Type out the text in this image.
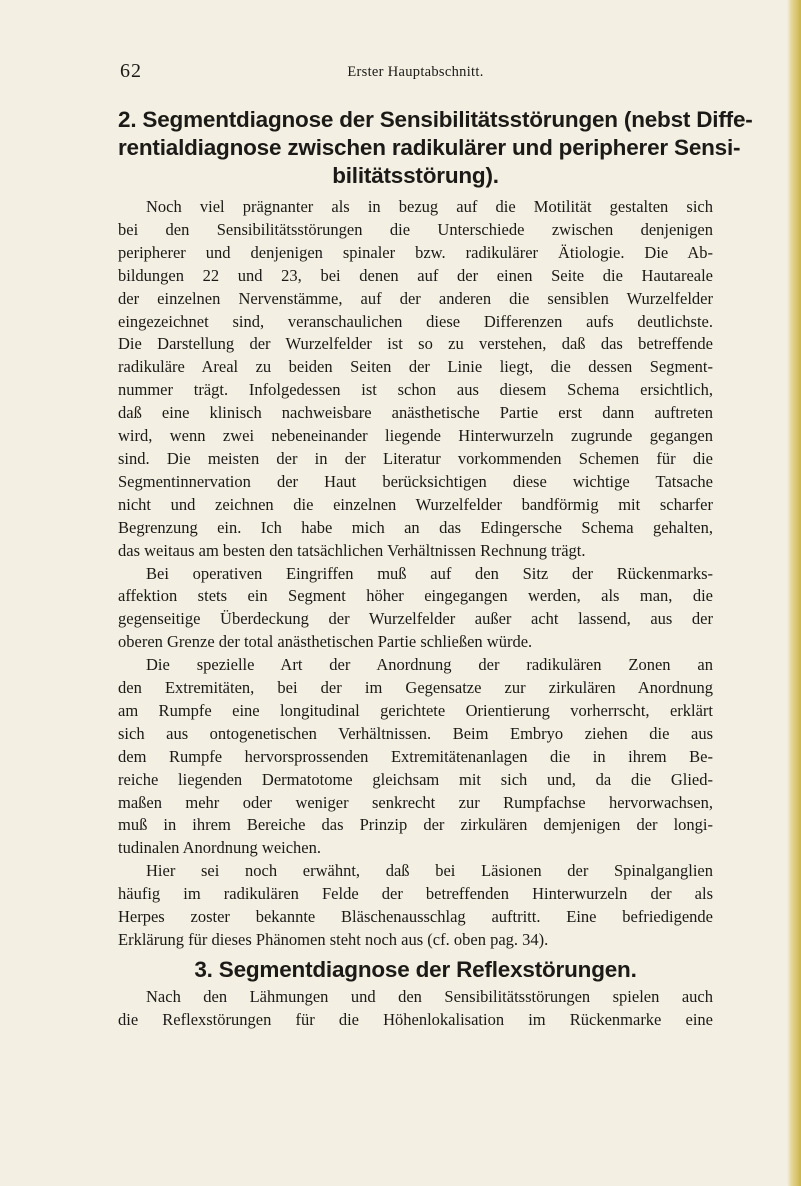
62	Erster Hauptabschnitt.
2. Segmentdiagnose der Sensibilitätsstörungen (nebst Diffe-
rentialdiagnose zwischen radikulärer und peripherer Sensi-
bilitätsstörung).
Noch viel prägnanter als in bezug auf die Motilität gestalten sich
bei den Sensibilitätsstörungen die Unterschiede zwischen denjenigen
peripherer und denjenigen spinaler bzw. radikulärer Ätiologie. Die Ab-
bildungen 22 und 23, bei denen auf der einen Seite die Hautareale
der einzelnen Nervenstämme, auf der anderen die sensiblen Wurzelfelder
eingezeichnet sind, veranschaulichen diese Differenzen aufs deutlichste.
Die Darstellung der Wurzelfelder ist so zu verstehen, daß das betreffende
radikuläre Areal zu beiden Seiten der Linie liegt, die dessen Segment-
nummer trägt. Infolgedessen ist schon aus diesem Schema ersichtlich,
daß eine klinisch nachweisbare anästhetische Partie erst dann auftreten
wird, wenn zwei nebeneinander liegende Hinterwurzeln zugrunde gegangen
sind. Die meisten der in der Literatur vorkommenden Schemen für die
Segmentinnervation der Haut berücksichtigen diese wichtige Tatsache
nicht und zeichnen die einzelnen Wurzelfelder bandförmig mit scharfer
Begrenzung ein. Ich habe mich an das Edingersche Schema gehalten,
das weitaus am besten den tatsächlichen Verhältnissen Rechnung trägt.
Bei operativen Eingriffen muß auf den Sitz der Rückenmarks-
affektion stets ein Segment höher eingegangen werden, als man, die
gegenseitige Überdeckung der Wurzelfelder außer acht lassend, aus der
oberen Grenze der total anästhetischen Partie schließen würde.
Die spezielle Art der Anordnung der radikulären Zonen an
den Extremitäten, bei der im Gegensatze zur zirkulären Anordnung
am Rumpfe eine longitudinal gerichtete Orientierung vorherrscht, erklärt
sich aus ontogenetischen Verhältnissen. Beim Embryo ziehen die aus
dem Rumpfe hervorsprossenden Extremitätenanlagen die in ihrem Be-
reiche liegenden Dermatotome gleichsam mit sich und, da die Glied-
maßen mehr oder weniger senkrecht zur Rumpfachse hervorwachsen,
muß in ihrem Bereiche das Prinzip der zirkulären demjenigen der longi-
tudinalen Anordnung weichen.
Hier sei noch erwähnt, daß bei Läsionen der Spinalganglien
häufig im radikulären Felde der betreffenden Hinterwurzeln der als
Herpes zoster bekannte Bläschenausschlag auftritt. Eine befriedigende
Erklärung für dieses Phänomen steht noch aus (cf. oben pag. 34).
3. Segmentdiagnose der Reflexstörungen.
Nach den Lähmungen und den Sensibilitätsstörungen spielen auch
die Reflexstörungen für die Höhenlokalisation im Rückenmarke eine
